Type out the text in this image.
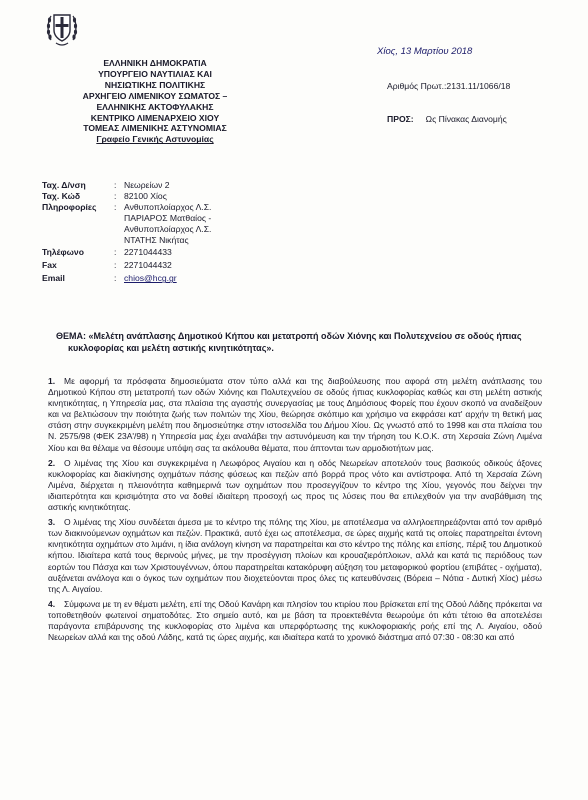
ΕΛΛΗΝΙΚΗ ΔΗΜΟΚΡΑΤΙΑ
ΥΠΟΥΡΓΕΙΟ ΝΑΥΤΙΛΙΑΣ ΚΑΙ
ΝΗΣΙΩΤΙΚΗΣ ΠΟΛΙΤΙΚΗΣ
ΑΡΧΗΓΕΙΟ ΛΙΜΕΝΙΚΟΥ ΣΩΜΑΤΟΣ –
ΕΛΛΗΝΙΚΗΣ ΑΚΤΟΦΥΛΑΚΗΣ
ΚΕΝΤΡΙΚΟ ΛΙΜΕΝΑΡΧΕΙΟ ΧΙΟΥ
ΤΟΜΕΑΣ ΛΙΜΕΝΙΚΗΣ ΑΣΤΥΝΟΜΙΑΣ
Γραφείο Γενικής Αστυνομίας
Χίος, 13 Μαρτίου 2018
Αριθμός Πρωτ.:2131.11/1066/18
ΠΡΟΣ: Ως Πίνακας Διανομής
Ταχ. Δ/νση	: Νεωρείων 2
Ταχ. Κώδ	: 82100 Χίος
Πληροφορίες	: Ανθυποπλοίαρχος Λ.Σ.
ΠΑΡΙΑΡΟΣ Ματθαίος -
Ανθυποπλοίαρχος Λ.Σ.
ΝΤΑΤΗΣ Νικήτας
Τηλέφωνο	: 2271044433
Fax	: 2271044432
Email	: chios@hcg.gr
ΘΕΜΑ: «Μελέτη ανάπλασης Δημοτικού Κήπου και μετατροπή οδών Χιόνης και Πολυτεχνείου σε οδούς ήπιας κυκλοφορίας και μελέτη αστικής κινητικότητας».

1. Με αφορμή τα πρόσφατα δημοσιεύματα στον τύπο αλλά και της διαβούλευσης που αφορά στη μελέτη ανάπλασης του Δημοτικού Κήπου στη μετατροπή των οδών Χιόνης και Πολυτεχνείου σε οδούς ήπιας κυκλοφορίας καθώς και στη μελέτη αστικής κινητικότητας, η Υπηρεσία μας, στα πλαίσια της αγαστής συνεργασίας με τους Δημόσιους Φορείς που έχουν σκοπό να αναδείξουν και να βελτιώσουν την ποιότητα ζωής των πολιτών της Χίου, θεώρησε σκόπιμο και χρήσιμο να εκφράσει κατ' αρχήν τη θετική μας στάση στην συγκεκριμένη μελέτη που δημοσιεύτηκε στην ιστοσελίδα του Δήμου Χίου. Ως γνωστό από το 1998 και στα πλαίσια του Ν. 2575/98 (ΦΕΚ 23Α'/98) η Υπηρεσία μας έχει αναλάβει την αστυνόμευση και την τήρηση του Κ.Ο.Κ. στη Χερσαία Ζώνη Λιμένα Χίου και θα θέλαμε να θέσουμε υπόψη σας τα ακόλουθα θέματα, που άπτονται των αρμοδιοτήτων μας.

2. Ο λιμένας της Χίου και συγκεκριμένα η Λεωφόρος Αιγαίου και η οδός Νεωρείων αποτελούν τους βασικούς οδικούς άξονες κυκλοφορίας και διακίνησης οχημάτων πάσης φύσεως και πεζών από βορρά προς νότο και αντίστροφα. Από τη Χερσαία Ζώνη Λιμένα, διέρχεται η πλειονότητα καθημερινά των οχημάτων που προσεγγίζουν το κέντρο της Χίου, γεγονός που δείχνει την ιδιαιτερότητα και κρισιμότητα στο να δοθεί ιδιαίτερη προσοχή ως προς τις λύσεις που θα επιλεχθούν για την αναβάθμιση της αστικής κινητικότητας.

3. Ο λιμένας της Χίου συνδέεται άμεσα με το κέντρο της πόλης της Χίου, με αποτέλεσμα να αλληλοεπηρεάζονται από τον αριθμό των διακινούμενων οχημάτων και πεζών. Πρακτικά, αυτό έχει ως αποτέλεσμα, σε ώρες αιχμής κατά τις οποίες παρατηρείται έντονη κινητικότητα οχημάτων στο λιμάνι, η ίδια ανάλογη κίνηση να παρατηρείται και στο κέντρο της πόλης και επίσης, πέριξ του Δημοτικού κήπου. Ιδιαίτερα κατά τους θερινούς μήνες, με την προσέγγιση πλοίων και κρουαζιερόπλοιων, αλλά και κατά τις περιόδους των εορτών του Πάσχα και των Χριστουγέννων, όπου παρατηρείται κατακόρυφη αύξηση του μεταφορικού φορτίου (επιβάτες - οχήματα), αυξάνεται ανάλογα και ο όγκος των οχημάτων που διοχετεύονται προς όλες τις κατευθύνσεις (Βόρεια – Νότια - Δυτική Χίος) μέσω της Λ. Αιγαίου.

4. Σύμφωνα με τη εν θέματι μελέτη, επί της Οδού Κανάρη και πλησίον του κτιρίου που βρίσκεται επί της Οδού Λάδης πρόκειται να τοποθετηθούν φωτεινοί σηματοδότες. Στο σημείο αυτό, και με βάση τα προεκτεθέντα θεωρούμε ότι κάτι τέτοιο θα αποτελέσει παράγοντα επιβάρυνσης της κυκλοφορίας στο λιμένα και υπερφόρτωσης της κυκλοφοριακής ροής επί της Λ. Αιγαίου, οδού Νεωρείων αλλά και της οδού Λάδης, κατά τις ώρες αιχμής, και ιδιαίτερα κατά το χρονικό διάστημα από 07:30 - 08:30 και από
